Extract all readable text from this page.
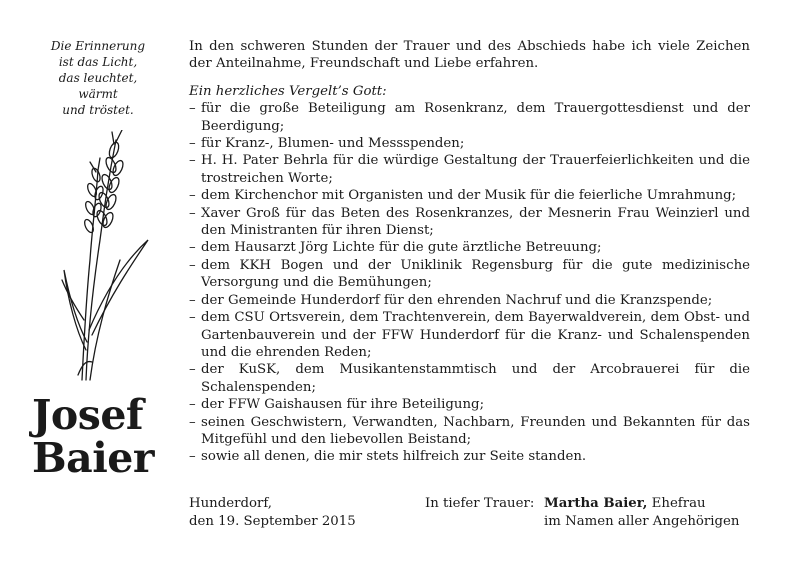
Die Erinnerung
ist das Licht,
das leuchtet,
wärmt
und tröstet.
Josef
Baier

In den schweren Stunden der Trauer und des Abschieds habe ich viele Zeichen der Anteilnahme, Freundschaft und Liebe erfahren.

Ein herzliches Vergelt’s Gott:

– für die große Beteiligung am Rosenkranz, dem Trauergottesdienst und der Beerdigung;
– für Kranz-, Blumen- und Messspenden;
– H. H. Pater Behrla für die würdige Gestaltung der Trauerfeierlichkeiten und die trostreichen Worte;
– dem Kirchenchor mit Organisten und der Musik für die feierliche Umrahmung;
– Xaver Groß für das Beten des Rosenkranzes, der Mesnerin Frau Weinzierl und den Ministranten für ihren Dienst;
– dem Hausarzt Jörg Lichte für die gute ärztliche Betreuung;
– dem KKH Bogen und der Uniklinik Regensburg für die gute medizinische Versorgung und die Bemühungen;
– der Gemeinde Hunderdorf für den ehrenden Nachruf und die Kranzspende;
– dem CSU Ortsverein, dem Trachtenverein, dem Bayerwaldverein, dem Obst- und Gartenbauverein und der FFW Hunderdorf für die Kranz- und Schalenspenden und die ehrenden Reden;
– der KuSK, dem Musikantenstammtisch und der Arcobrauerei für die Schalenspenden;
– der FFW Gaishausen für ihre Beteiligung;
– seinen Geschwistern, Verwandten, Nachbarn, Freunden und Bekannten für das Mitgefühl und den liebevollen Beistand;
– sowie all denen, die mir stets hilfreich zur Seite standen.
Hunderdorf,
den 19. September 2015
In tiefer Trauer: Martha Baier, Ehefrau
im Namen aller Angehörigen
